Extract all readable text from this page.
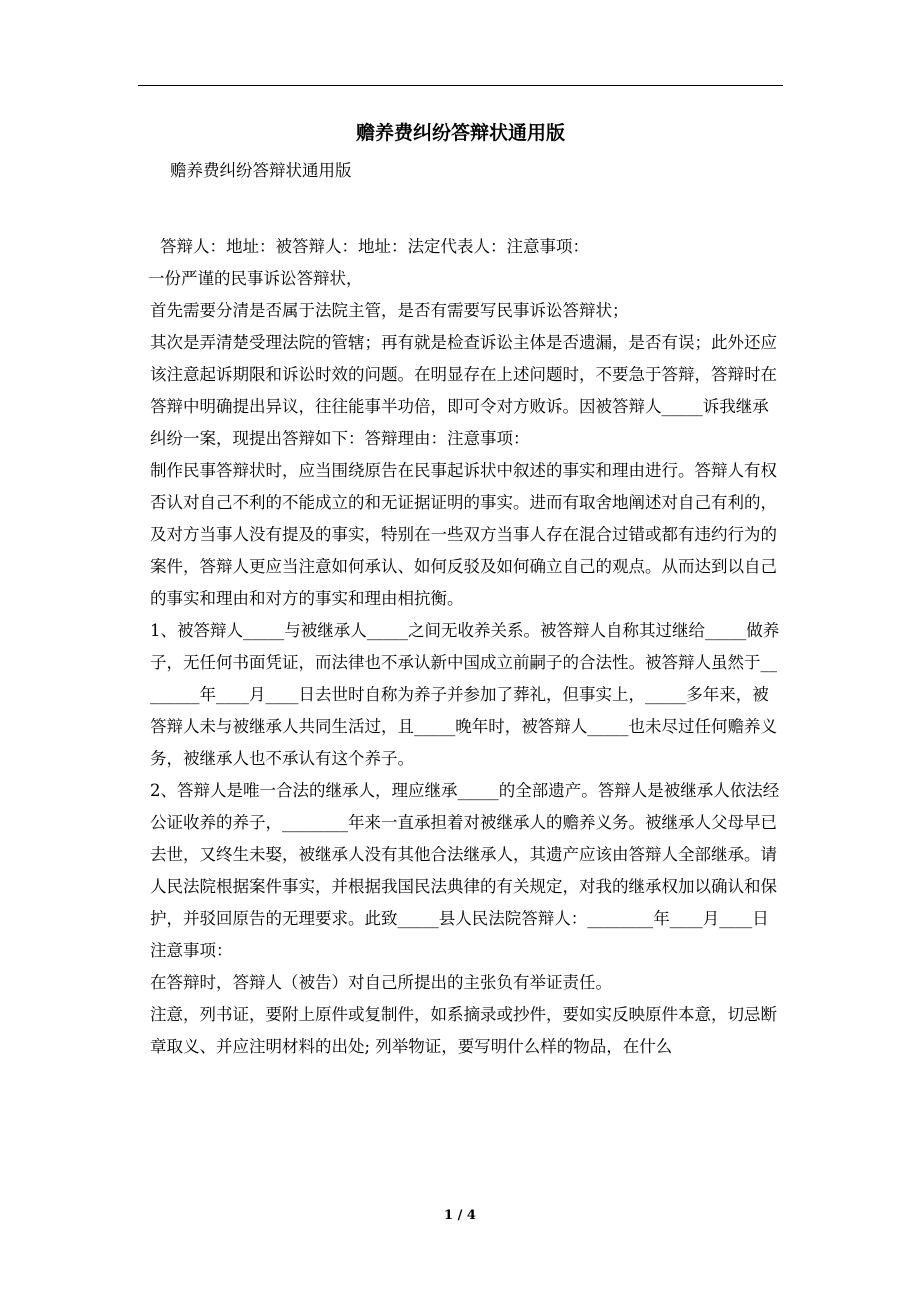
赡养费纠纷答辩状通用版

赡养费纠纷答辩状通用版

答辩人：地址：被答辩人：地址：法定代表人：注意事项：

一份严谨的民事诉讼答辩状，

首先需要分清是否属于法院主管，是否有需要写民事诉讼答辩状；

其次是弄清楚受理法院的管辖；再有就是检查诉讼主体是否遗漏，是否有误；此外还应该注意起诉期限和诉讼时效的问题。在明显存在上述问题时，不要急于答辩，答辩时在答辩中明确提出异议，往往能事半功倍，即可令对方败诉。因被答辩人_____诉我继承纠纷一案，现提出答辩如下：答辩理由：注意事项：

制作民事答辩状时，应当围绕原告在民事起诉状中叙述的事实和理由进行。答辩人有权否认对自己不利的不能成立的和无证据证明的事实。进而有取舍地阐述对自己有利的，及对方当事人没有提及的事实，特别在一些双方当事人存在混合过错或都有违约行为的案件，答辩人更应当注意如何承认、如何反驳及如何确立自己的观点。从而达到以自己的事实和理由和对方的事实和理由相抗衡。

1、被答辩人_____与被继承人_____之间无收养关系。被答辩人自称其过继给_____做养子，无任何书面凭证，而法律也不承认新中国成立前嗣子的合法性。被答辩人虽然于________年____月____日去世时自称为养子并参加了葬礼，但事实上，_____多年来，被答辩人未与被继承人共同生活过，且_____晚年时，被答辩人_____也未尽过任何赡养义务，被继承人也不承认有这个养子。

2、答辩人是唯一合法的继承人，理应继承_____的全部遗产。答辩人是被继承人依法经公证收养的养子，________年来一直承担着对被继承人的赡养义务。被继承人父母早已去世，又终生未娶，被继承人没有其他合法继承人，其遗产应该由答辩人全部继承。请人民法院根据案件事实，并根据我国民法典律的有关规定，对我的继承权加以确认和保护，并驳回原告的无理要求。此致_____县人民法院答辩人：________年____月____日注意事项：

在答辩时，答辩人（被告）对自己所提出的主张负有举证责任。

注意，列书证，要附上原件或复制件，如系摘录或抄件，要如实反映原件本意，切忌断章取义、并应注明材料的出处; 列举物证，要写明什么样的物品，在什么

1 / 4
